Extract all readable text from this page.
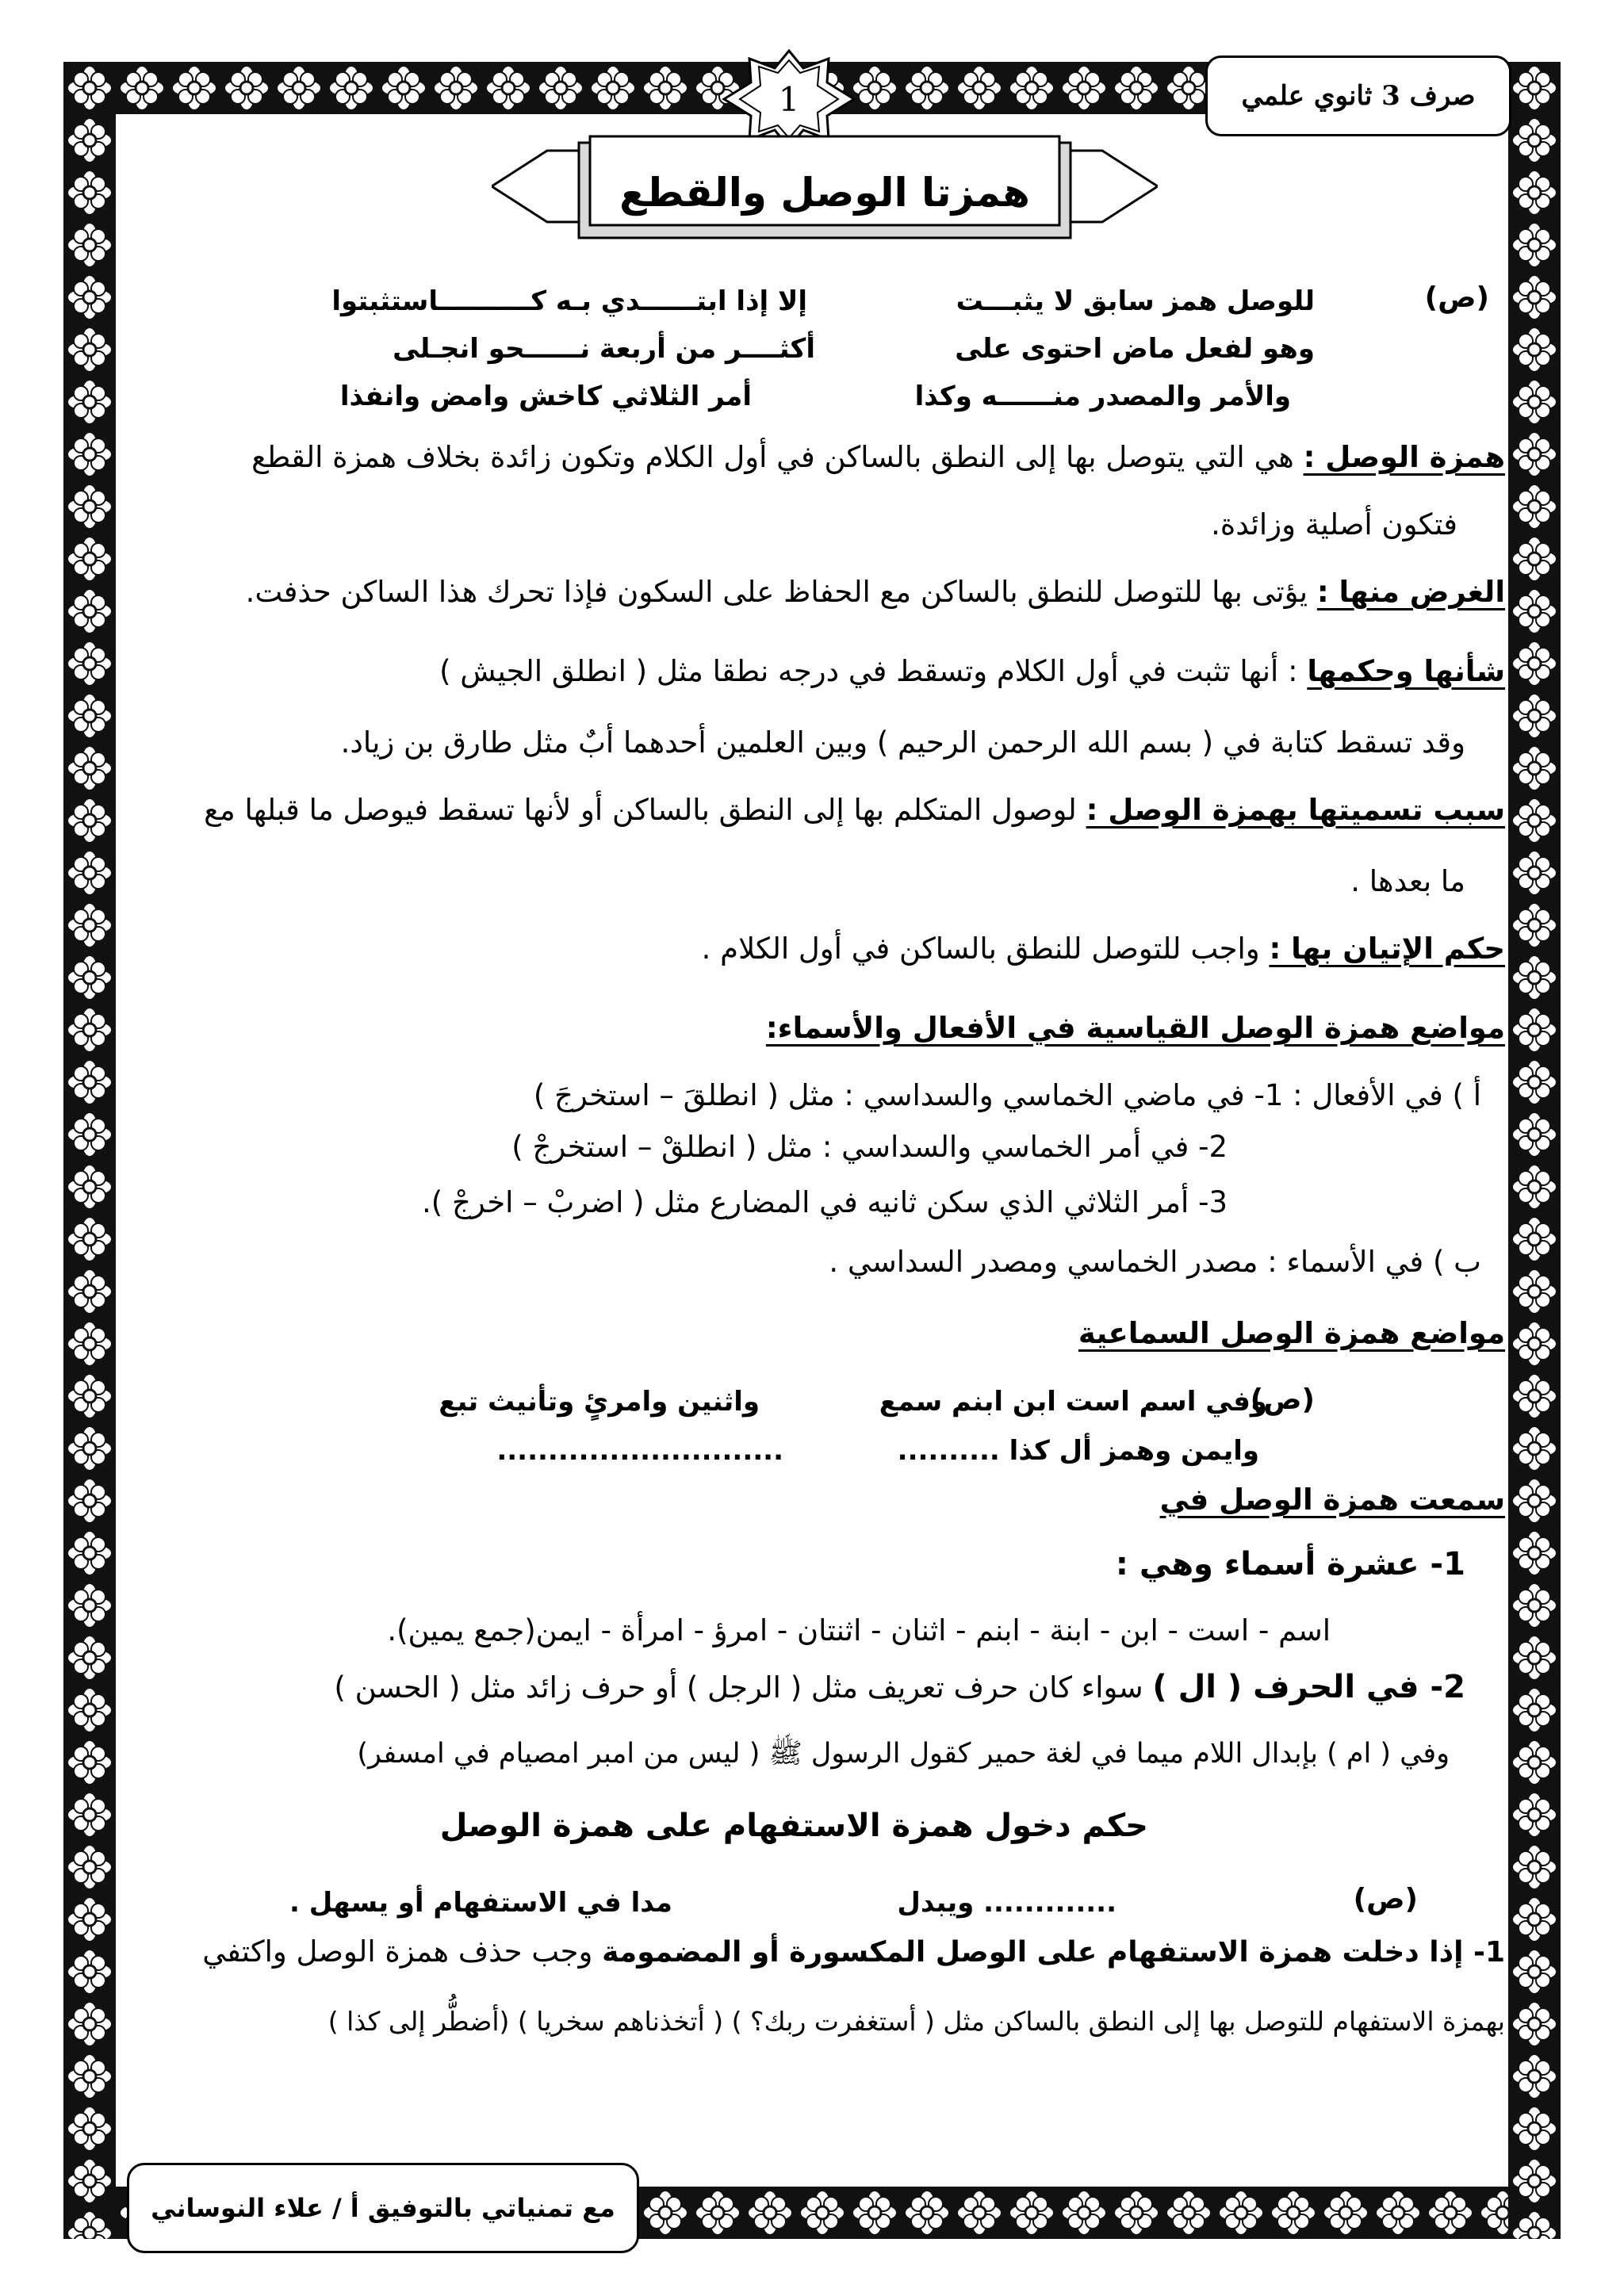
صرف 3 ثانوي علمي
1
همزتا الوصل والقطع
(ص)
للوصل همز سابق لا يثبـــت
إلا إذا ابتــــــدي بـه كــــــــــاستثبتوا
وهو لفعل ماض احتوى على
أكثــــر من أربعة نــــــحو انجـلى
والأمر والمصدر منــــــه وكذا
أمر الثلاثي كاخش وامض وانفذا
همزة الوصل : هي التي يتوصل بها إلى النطق بالساكن في أول الكلام وتكون زائدة بخلاف همزة القطع
فتكون أصلية وزائدة.
الغرض منها : يؤتى بها للتوصل للنطق بالساكن مع الحفاظ على السكون فإذا تحرك هذا الساكن حذفت.
شأنها وحكمها : أنها تثبت في أول الكلام وتسقط في درجه نطقا مثل ( انطلق الجيش )
وقد تسقط كتابة في ( بسم الله الرحمن الرحيم ) وبين العلمين أحدهما أبٌ مثل طارق بن زياد.
سبب تسميتها بهمزة الوصل : لوصول المتكلم بها إلى النطق بالساكن أو لأنها تسقط فيوصل ما قبلها مع
ما بعدها .
حكم الإتيان بها : واجب للتوصل للنطق بالساكن في أول الكلام .
مواضع همزة الوصل القياسية في الأفعال والأسماء:
أ ) في الأفعال : 1- في ماضي الخماسي والسداسي : مثل ( انطلقَ – استخرجَ )
2- في أمر الخماسي والسداسي : مثل ( انطلقْ – استخرجْ )
3- أمر الثلاثي الذي سكن ثانيه في المضارع مثل ( اضربْ – اخرجْ ).
ب ) في الأسماء : مصدر الخماسي ومصدر السداسي .
مواضع همزة الوصل السماعية
(ص)
وفي اسم است ابن ابنم سمع
واثنين وامرئٍ وتأنيث تبع
وايمن وهمز أل كذا ..........
............................
سمعت همزة الوصل في
1- عشرة أسماء وهي :
اسم - است - ابن - ابنة - ابنم - اثنان - اثنتان - امرؤ - امرأة - ايمن(جمع يمين).
2- في الحرف ( ال ) سواء كان حرف تعريف مثل ( الرجل ) أو حرف زائد مثل ( الحسن )
وفي ( ام ) بإبدال اللام ميما في لغة حمير كقول الرسول ﷺ ( ليس من امبر امصيام في امسفر)
حكم دخول همزة الاستفهام على همزة الوصل
(ص)
............. ويبدل
مدا في الاستفهام أو يسهل .
1- إذا دخلت همزة الاستفهام على الوصل المكسورة أو المضمومة وجب حذف همزة الوصل واكتفي
بهمزة الاستفهام للتوصل بها إلى النطق بالساكن مثل ( أستغفرت ربك؟ ) ( أتخذناهم سخريا ) (أضطُّر إلى كذا )
مع تمنياتي بالتوفيق أ / علاء النوساني
